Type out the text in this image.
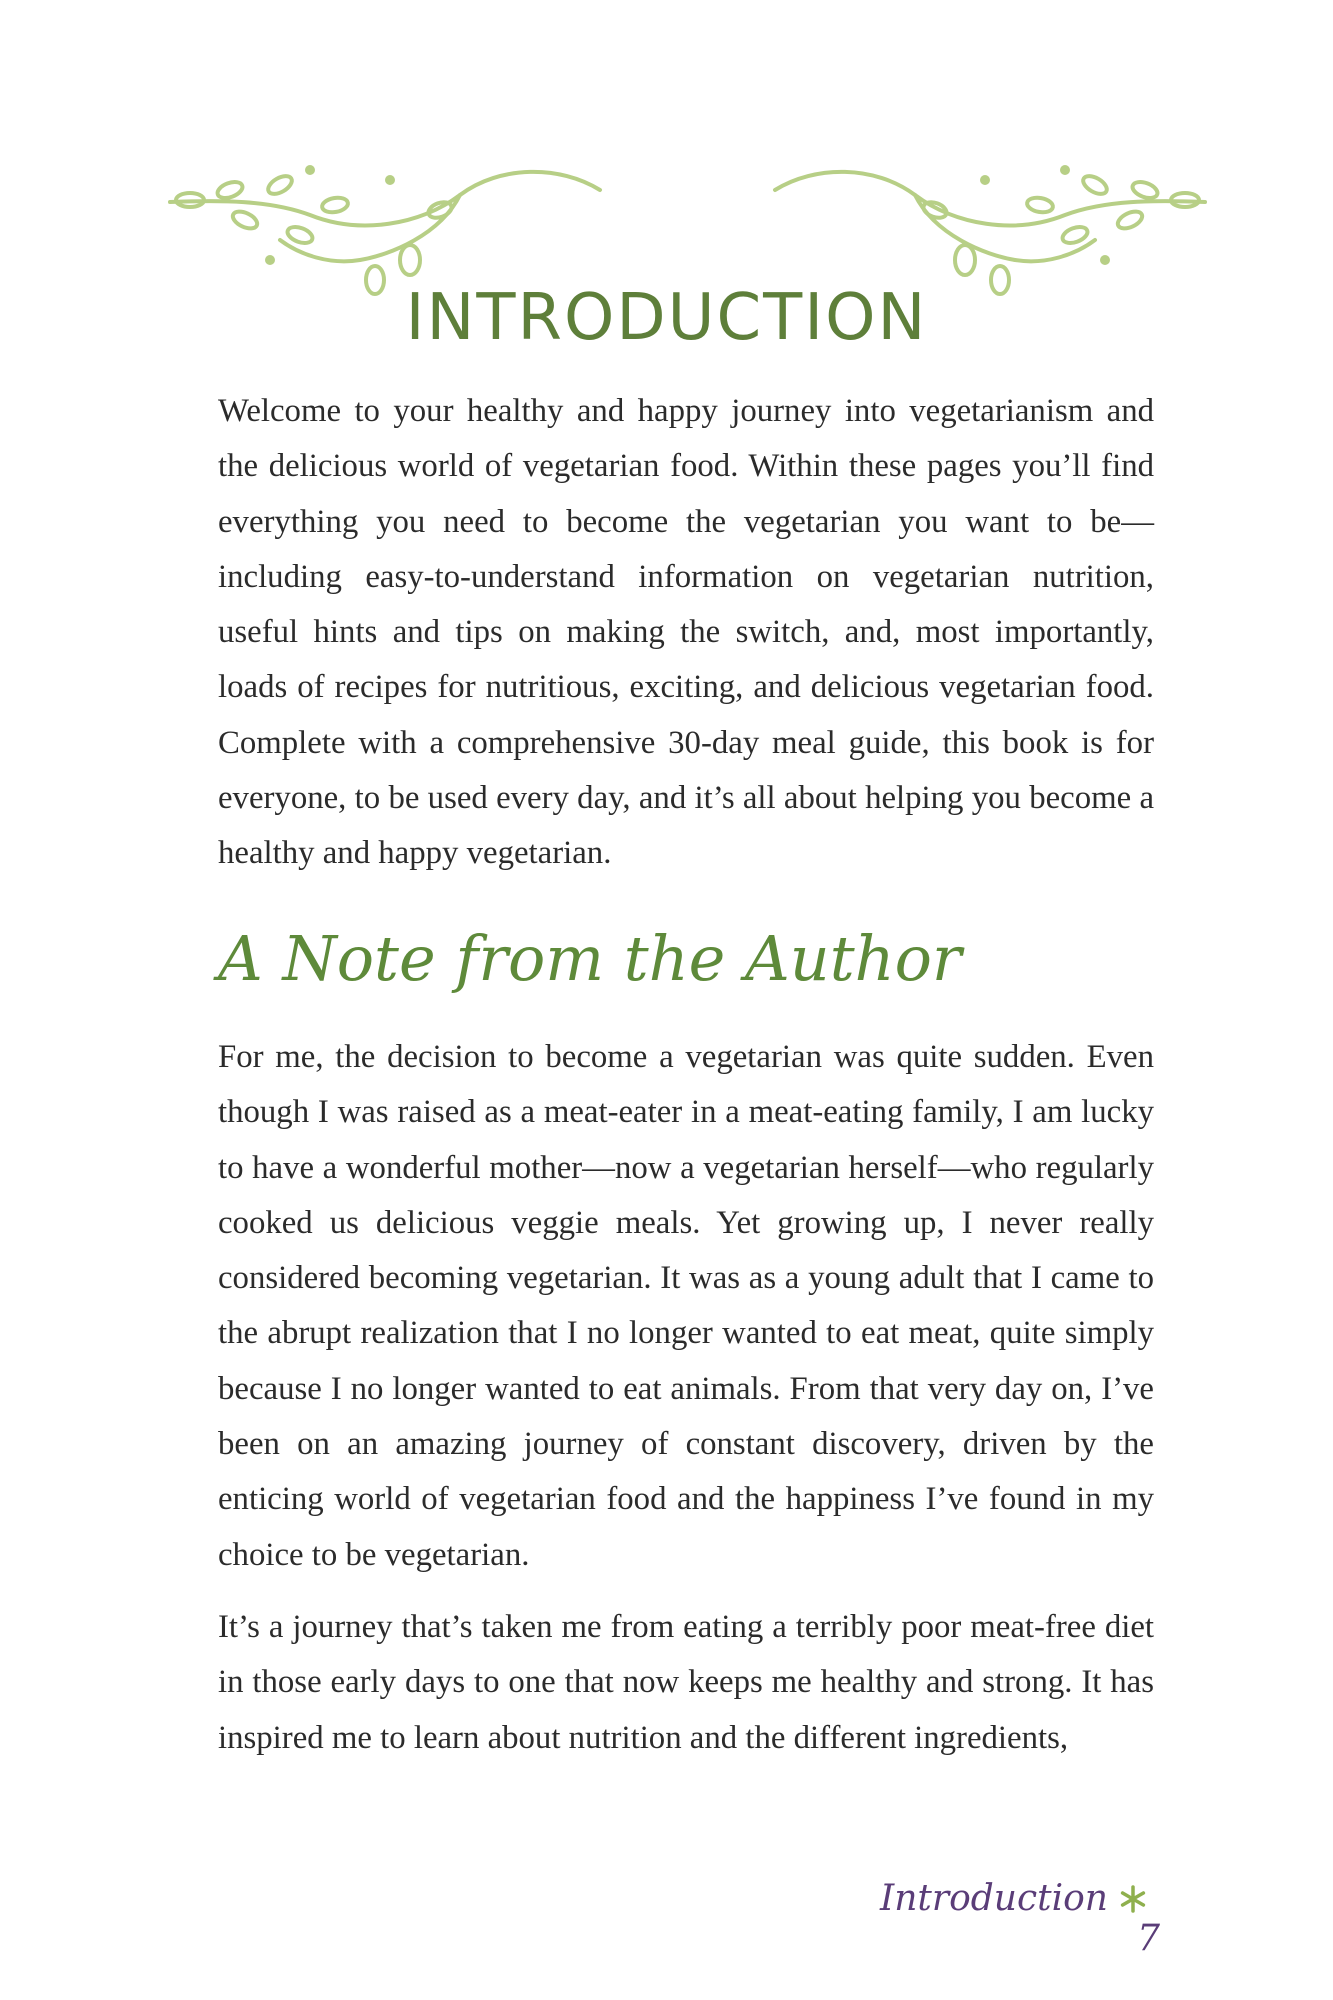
INTRODUCTION

Welcome to your healthy and happy journey into vegetarianism and the delicious world of vegetarian food. Within these pages you’ll find everything you need to become the vegetarian you want to be—including easy-to-understand information on vegetarian nutrition, useful hints and tips on making the switch, and, most importantly, loads of recipes for nutritious, exciting, and delicious vegetarian food. Complete with a comprehensive 30-day meal guide, this book is for everyone, to be used every day, and it’s all about helping you become a healthy and happy vegetarian.

A Note from the Author

For me, the decision to become a vegetarian was quite sudden. Even though I was raised as a meat-eater in a meat-eating family, I am lucky to have a wonderful mother—now a vegetarian herself—who regularly cooked us delicious veggie meals. Yet growing up, I never really considered becoming vegetarian. It was as a young adult that I came to the abrupt realization that I no longer wanted to eat meat, quite simply because I no longer wanted to eat animals. From that very day on, I’ve been on an amazing journey of constant discovery, driven by the enticing world of vegetarian food and the happiness I’ve found in my choice to be vegetarian.

It’s a journey that’s taken me from eating a terribly poor meat-free diet in those early days to one that now keeps me healthy and strong. It has inspired me to learn about nutrition and the different ingredients,

Introduction7
